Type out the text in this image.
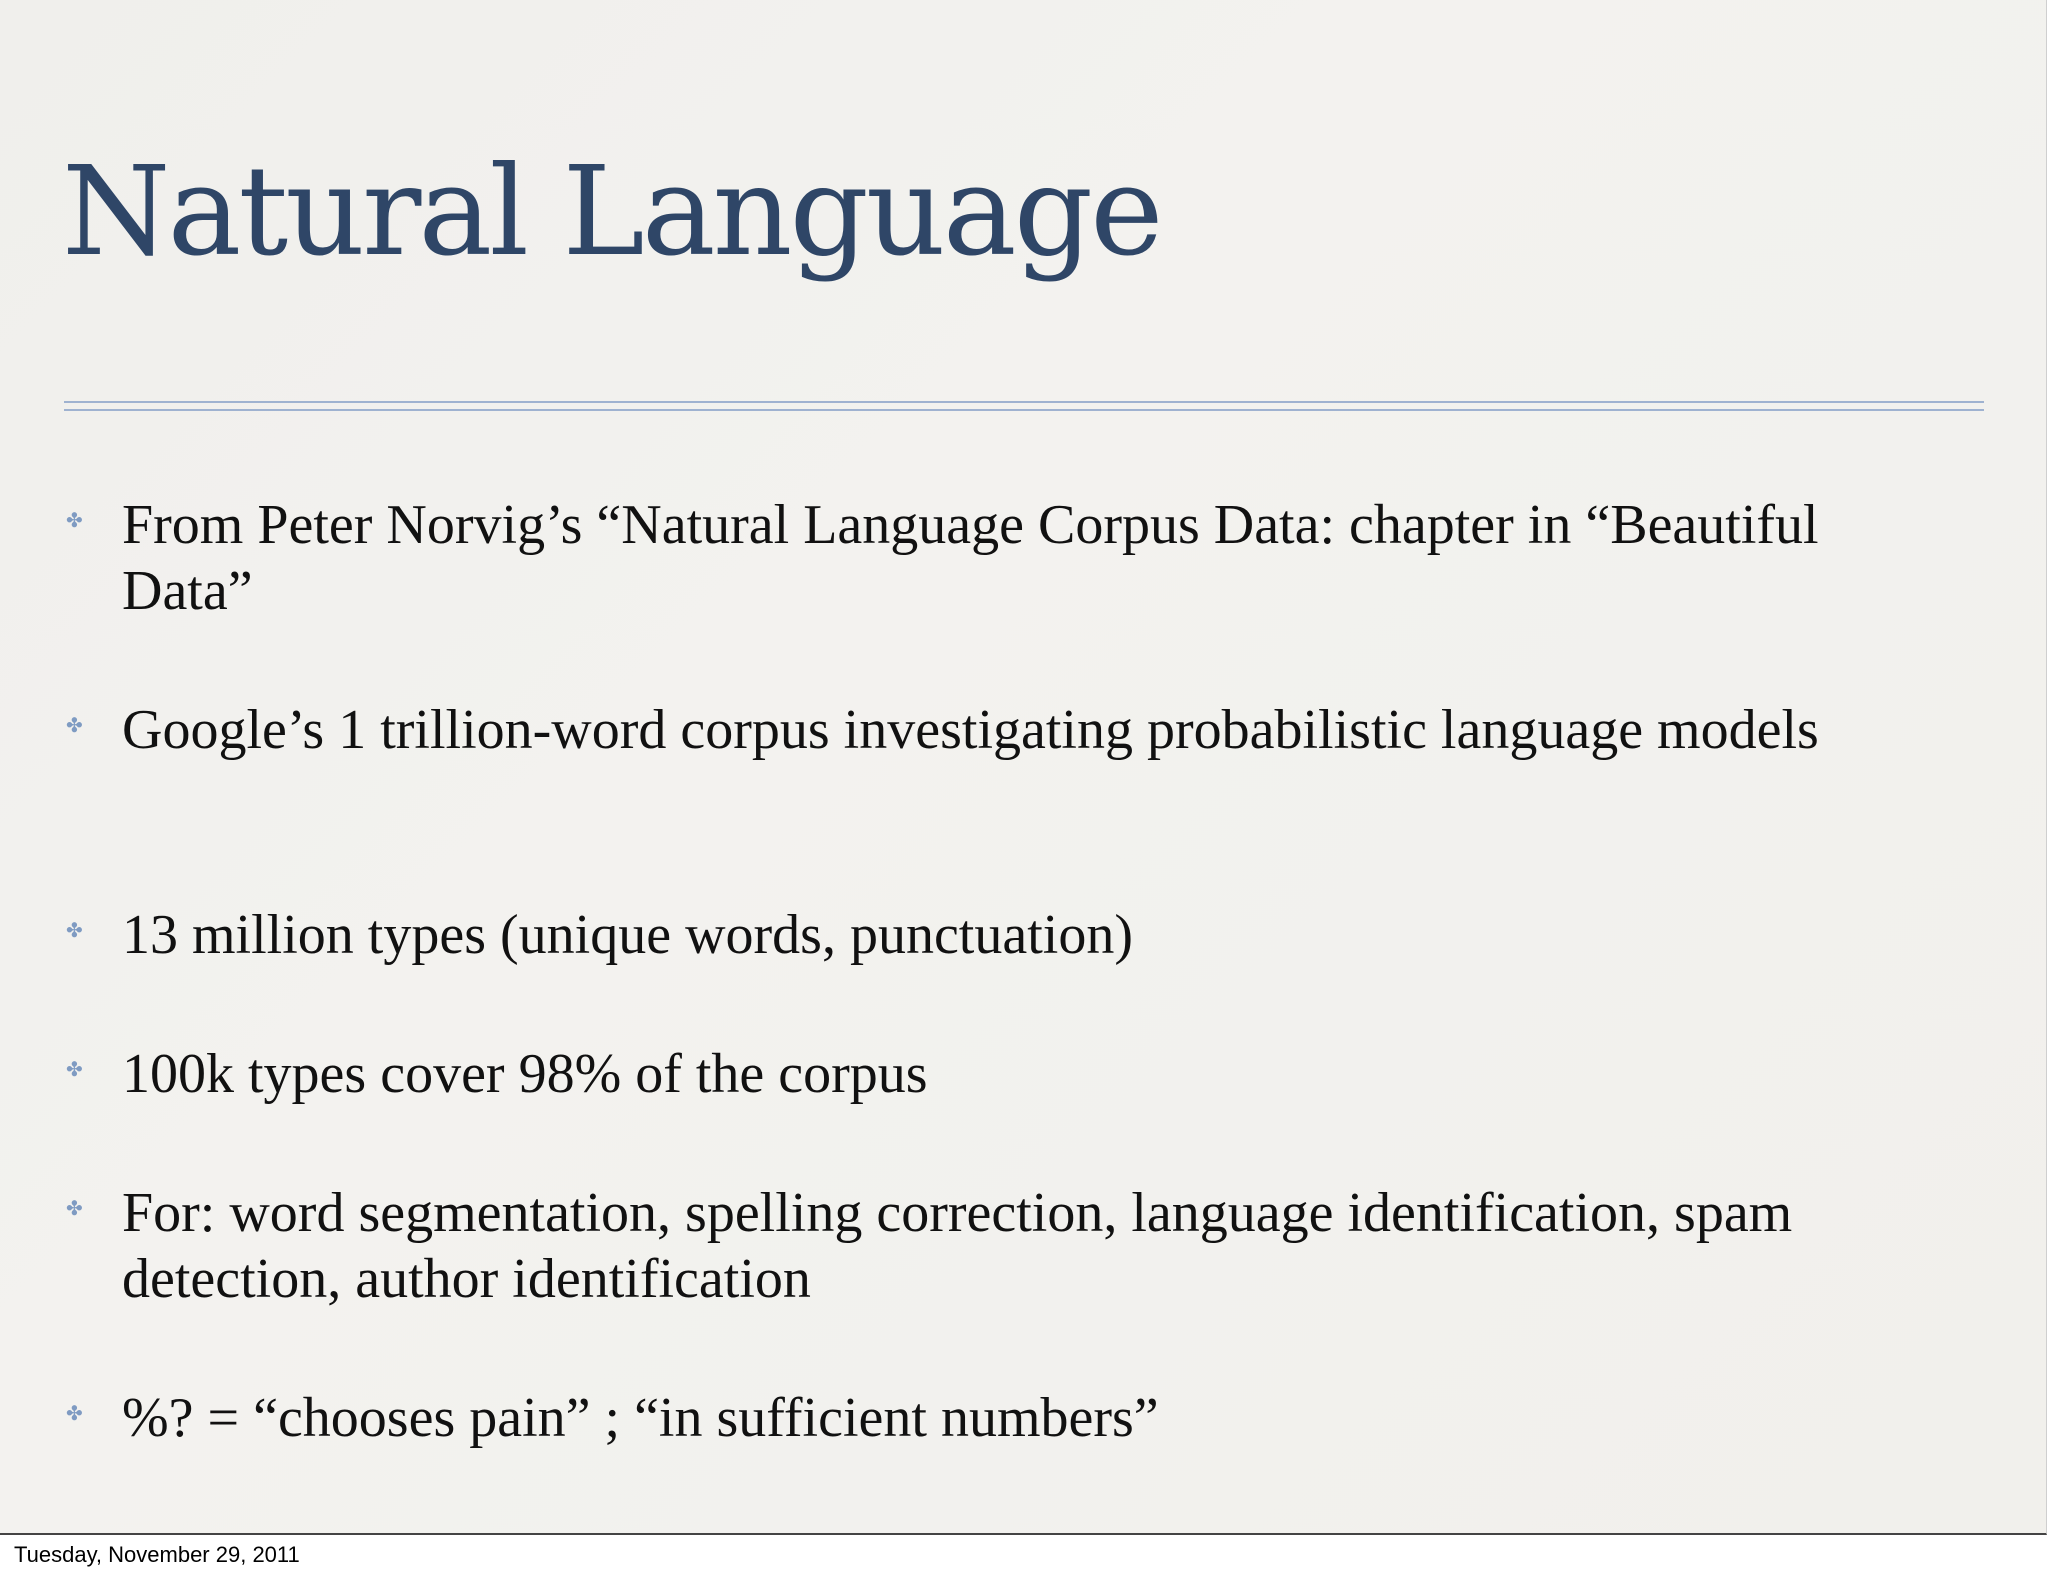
Natural Language
✤ From Peter Norvig’s “Natural Language Corpus Data: chapter in “Beautiful Data”
✤ Google’s 1 trillion-word corpus investigating probabilistic language models
✤ 13 million types (unique words, punctuation)
✤ 100k types cover 98% of the corpus
✤ For: word segmentation, spelling correction, language identification, spam detection, author identification
✤ %? = “chooses pain” ; “in sufficient numbers”
Tuesday, November 29, 2011
